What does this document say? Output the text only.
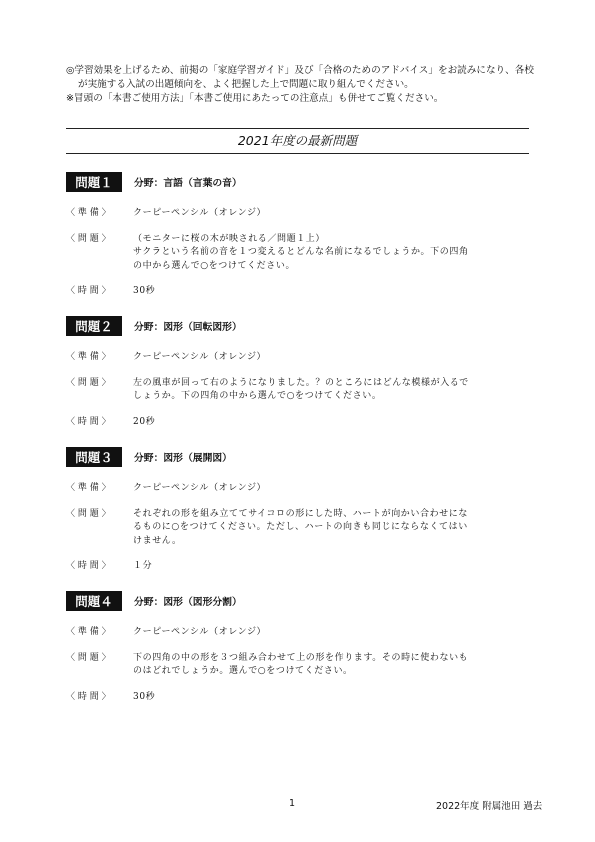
◎学習効果を上げるため、前掲の「家庭学習ガイド」及び「合格のためのアドバイス」をお読みになり、各校が実施する入試の出題傾向を、よく把握した上で問題に取り組んでください。

※冒頭の「本書ご使用方法」「本書ご使用にあたっての注意点」も併せてご覧ください。

2021年度の最新問題
問題１	分野：言語（言葉の音）
〈 準 備 〉	クーピーペンシル（オレンジ）
〈 問 題 〉	（モニターに桜の木が映される／問題１上）
サクラという名前の音を１つ変えるとどんな名前になるでしょうか。下の四角
の中から選んで○をつけてください。
〈 時 間 〉	30秒
問題２	分野：図形（回転図形）
〈 準 備 〉	クーピーペンシル（オレンジ）
〈 問 題 〉	左の風車が回って右のようになりました。？のところにはどんな模様が入るで
しょうか。下の四角の中から選んで○をつけてください。
〈 時 間 〉	20秒
問題３	分野：図形（展開図）
〈 準 備 〉	クーピーペンシル（オレンジ）
〈 問 題 〉	それぞれの形を組み立ててサイコロの形にした時、ハートが向かい合わせにな
るものに○をつけてください。ただし、ハートの向きも同じにならなくてはい
けません。
〈 時 間 〉	１分
問題４	分野：図形（図形分割）
〈 準 備 〉	クーピーペンシル（オレンジ）
〈 問 題 〉	下の四角の中の形を３つ組み合わせて上の形を作ります。その時に使わないも
のはどれでしょうか。選んで○をつけてください。
〈 時 間 〉	30秒
1	2022年度 附属池田 過去
